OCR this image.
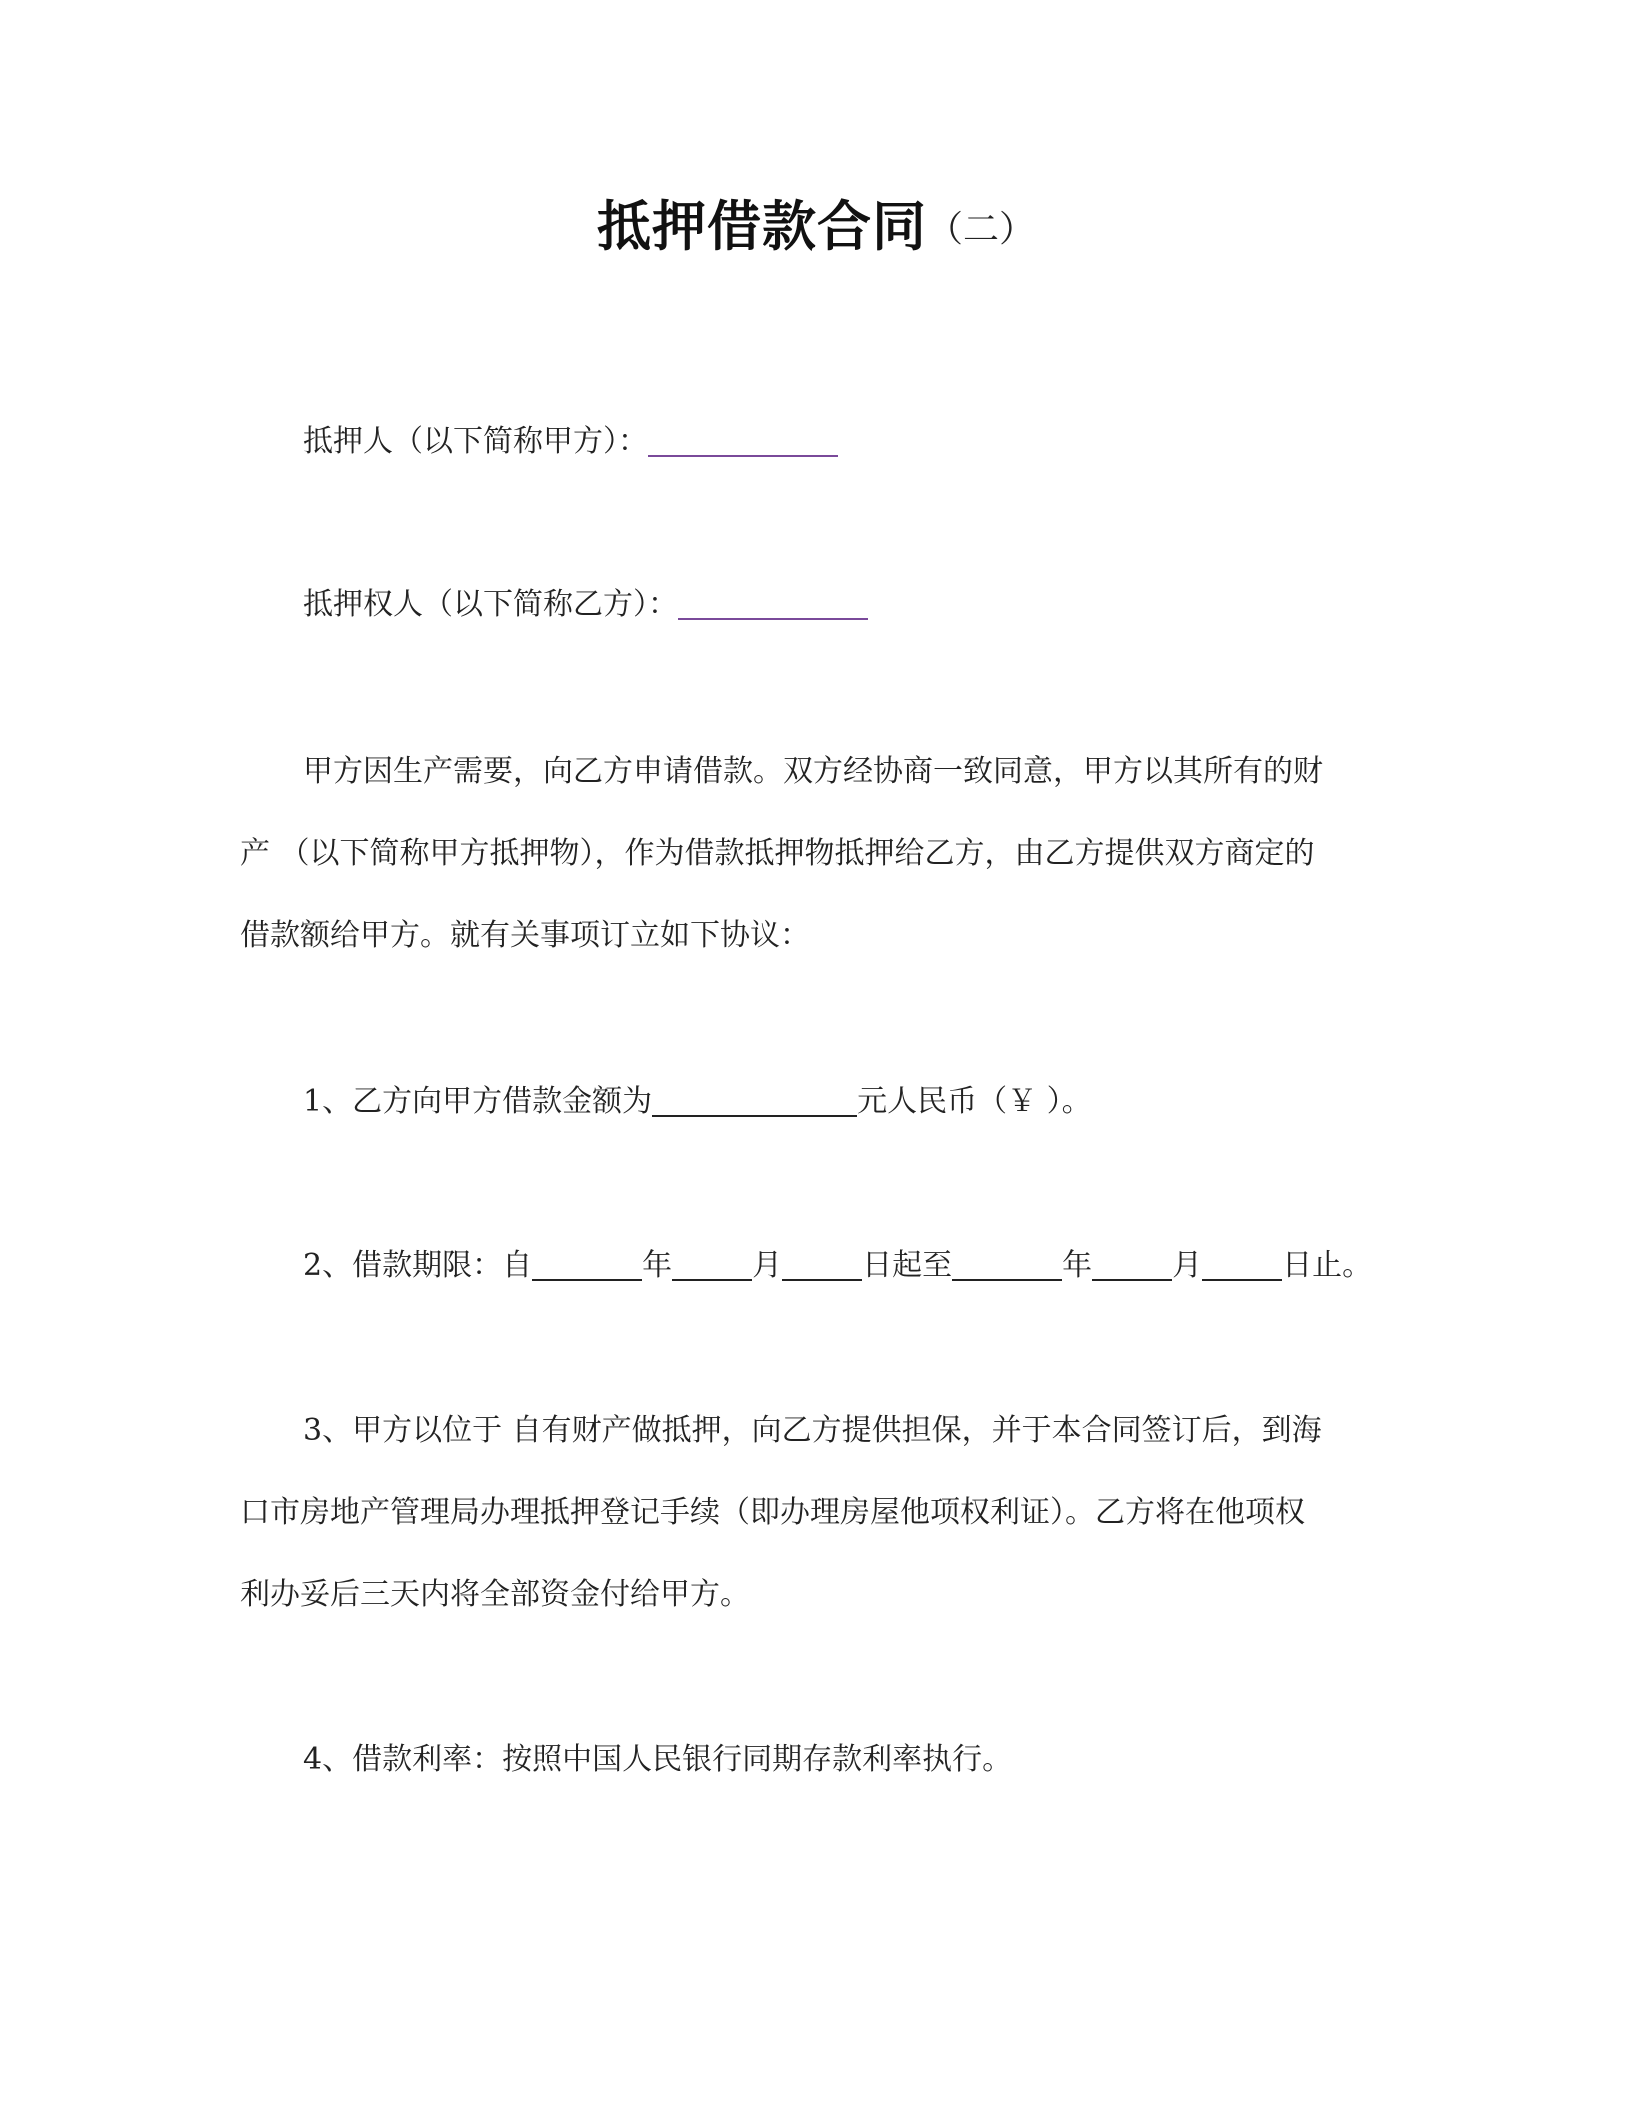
抵押借款合同（二）
抵押人（以下简称甲方）：
抵押权人（以下简称乙方）：
甲方因生产需要，向乙方申请借款。双方经协商一致同意，甲方以其所有的财
产 （以下简称甲方抵押物），作为借款抵押物抵押给乙方，由乙方提供双方商定的
借款额给甲方。就有关事项订立如下协议：
1、乙方向甲方借款金额为	元人民币（￥ ）。
2、借款期限：自	年	月	日起至	年	月	日止。
3、甲方以位于 自有财产做抵押，向乙方提供担保，并于本合同签订后，到海
口市房地产管理局办理抵押登记手续（即办理房屋他项权利证）。乙方将在他项权
利办妥后三天内将全部资金付给甲方。
4、借款利率：按照中国人民银行同期存款利率执行。
